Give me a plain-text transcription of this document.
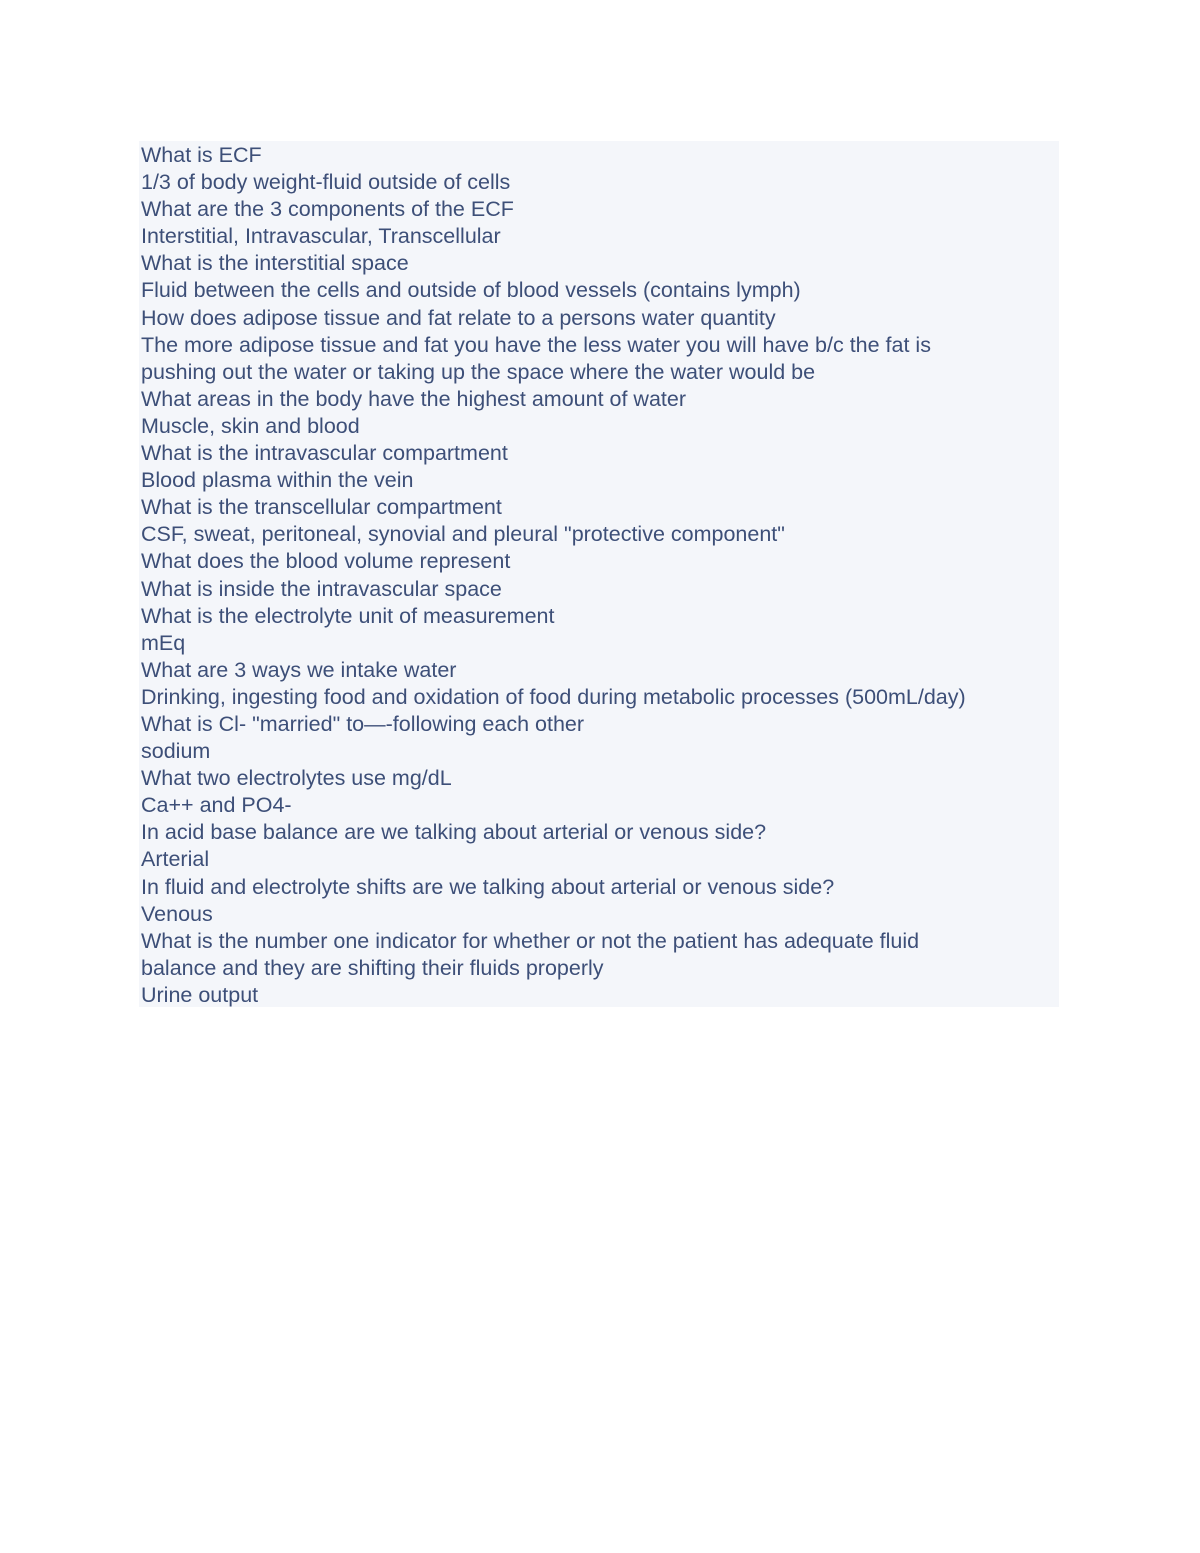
What is ECF
1/3 of body weight-fluid outside of cells
What are the 3 components of the ECF
Interstitial, Intravascular, Transcellular
What is the interstitial space
Fluid between the cells and outside of blood vessels (contains lymph)
How does adipose tissue and fat relate to a persons water quantity
The more adipose tissue and fat you have the less water you will have b/c the fat is
pushing out the water or taking up the space where the water would be
What areas in the body have the highest amount of water
Muscle, skin and blood
What is the intravascular compartment
Blood plasma within the vein
What is the transcellular compartment
CSF, sweat, peritoneal, synovial and pleural "protective component"
What does the blood volume represent
What is inside the intravascular space
What is the electrolyte unit of measurement
mEq
What are 3 ways we intake water
Drinking, ingesting food and oxidation of food during metabolic processes (500mL/day)
What is Cl- "married" to—-following each other
sodium
What two electrolytes use mg/dL
Ca++ and PO4-
In acid base balance are we talking about arterial or venous side?
Arterial
In fluid and electrolyte shifts are we talking about arterial or venous side?
Venous
What is the number one indicator for whether or not the patient has adequate fluid
balance and they are shifting their fluids properly
Urine output
